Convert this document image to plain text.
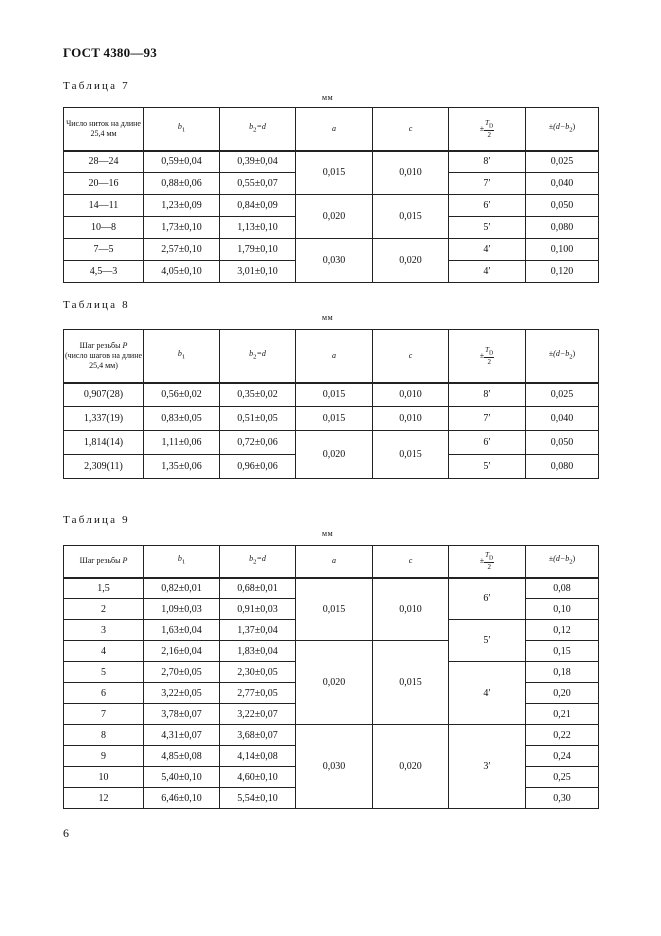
ГОСТ 4380—93
Таблица 7
мм
Число ниток на длине 25,4 мм	$b_1$	$b_2=d$	a	c	± $\frac{T_D}{2}$	$\pm(d-b_2)$
28—24	0,59±0,04	0,39±0,04	0,015	0,010	8′	0,025
20—16	0,88±0,06	0,55±0,07			7′	0,040
14—11	1,23±0,09	0,84±0,09	0,020	0,015	6′	0,050
10—8	1,73±0,10	1,13±0,10			5′	0,080
7—5	2,57±0,10	1,79±0,10	0,030	0,020	4′	0,100
4,5—3	4,05±0,10	3,01±0,10			4′	0,120
Таблица 8
мм
Шаг резьбы P
(число шагов на длине 25,4 мм)	$b_1$	$b_2=d$	a	c	± $\frac{T_D}{2}$	$\pm(d-b_2)$
0,907(28)	0,56±0,02	0,35±0,02	0,015	0,010	8′	0,025
1,337(19)	0,83±0,05	0,51±0,05	0,015	0,010	7′	0,040
1,814(14)	1,11±0,06	0,72±0,06	0,020	0,015	6′	0,050
2,309(11)	1,35±0,06	0,96±0,06			5′	0,080
Таблица 9
мм
Шаг резьбы P	$b_1$	$b_2=d$	a	c	± $\frac{T_D}{2}$	$\pm(d-b_2)$
1,5	0,82±0,01	0,68±0,01	0,015	0,010	6′	0,08
2	1,09±0,03	0,91±0,03				0,10
3	1,63±0,04	1,37±0,04			5′	0,12
4	2,16±0,04	1,83±0,04	0,020	0,015		0,15
5	2,70±0,05	2,30±0,05			4′	0,18
6	3,22±0,05	2,77±0,05				0,20
7	3,78±0,07	3,22±0,07				0,21
8	4,31±0,07	3,68±0,07	0,030	0,020	3′	0,22
9	4,85±0,08	4,14±0,08				0,24
10	5,40±0,10	4,60±0,10				0,25
12	6,46±0,10	5,54±0,10				0,30
6
